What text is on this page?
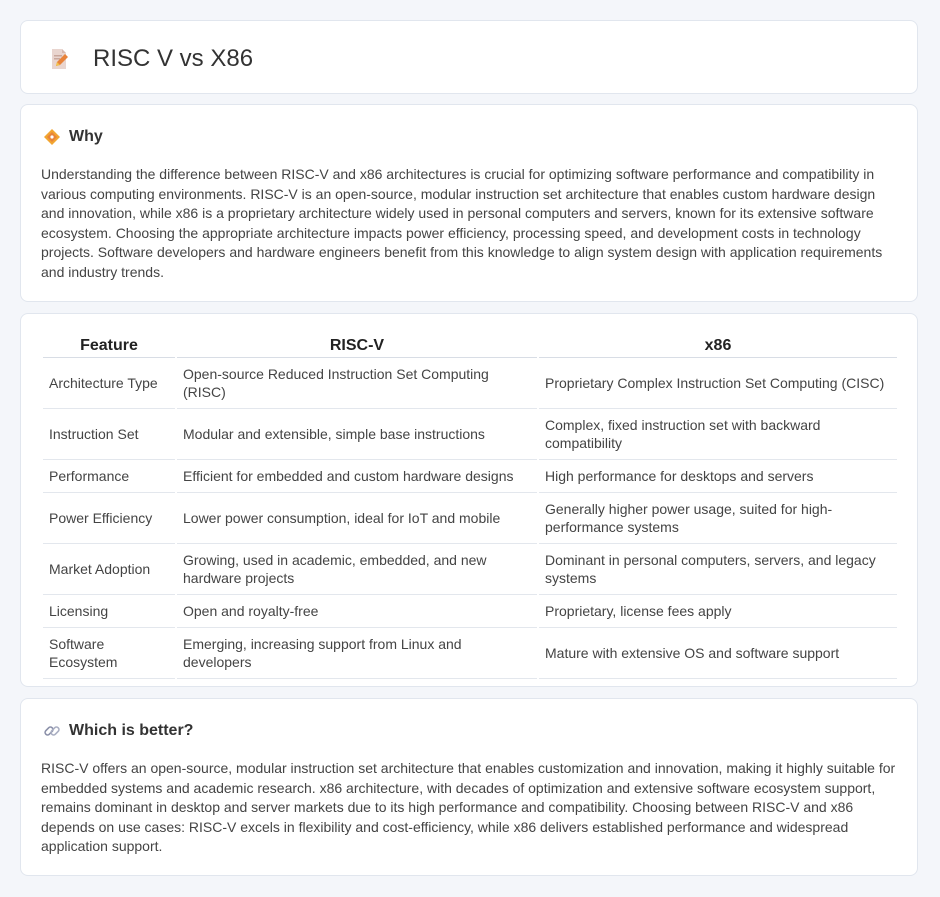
RISC V vs X86
Why
Understanding the difference between RISC-V and x86 architectures is crucial for optimizing software performance and compatibility in various computing environments. RISC-V is an open-source, modular instruction set architecture that enables custom hardware design and innovation, while x86 is a proprietary architecture widely used in personal computers and servers, known for its extensive software ecosystem. Choosing the appropriate architecture impacts power efficiency, processing speed, and development costs in technology projects. Software developers and hardware engineers benefit from this knowledge to align system design with application requirements and industry trends.
Feature	RISC-V	x86
Architecture Type	Open-source Reduced Instruction Set Computing (RISC)	Proprietary Complex Instruction Set Computing (CISC)
Instruction Set	Modular and extensible, simple base instructions	Complex, fixed instruction set with backward compatibility
Performance	Efficient for embedded and custom hardware designs	High performance for desktops and servers
Power Efficiency	Lower power consumption, ideal for IoT and mobile	Generally higher power usage, suited for high-performance systems
Market Adoption	Growing, used in academic, embedded, and new hardware projects	Dominant in personal computers, servers, and legacy systems
Licensing	Open and royalty-free	Proprietary, license fees apply
Software Ecosystem	Emerging, increasing support from Linux and developers	Mature with extensive OS and software support
Which is better?
RISC-V offers an open-source, modular instruction set architecture that enables customization and innovation, making it highly suitable for embedded systems and academic research. x86 architecture, with decades of optimization and extensive software ecosystem support, remains dominant in desktop and server markets due to its high performance and compatibility. Choosing between RISC-V and x86 depends on use cases: RISC-V excels in flexibility and cost-efficiency, while x86 delivers established performance and widespread application support.
